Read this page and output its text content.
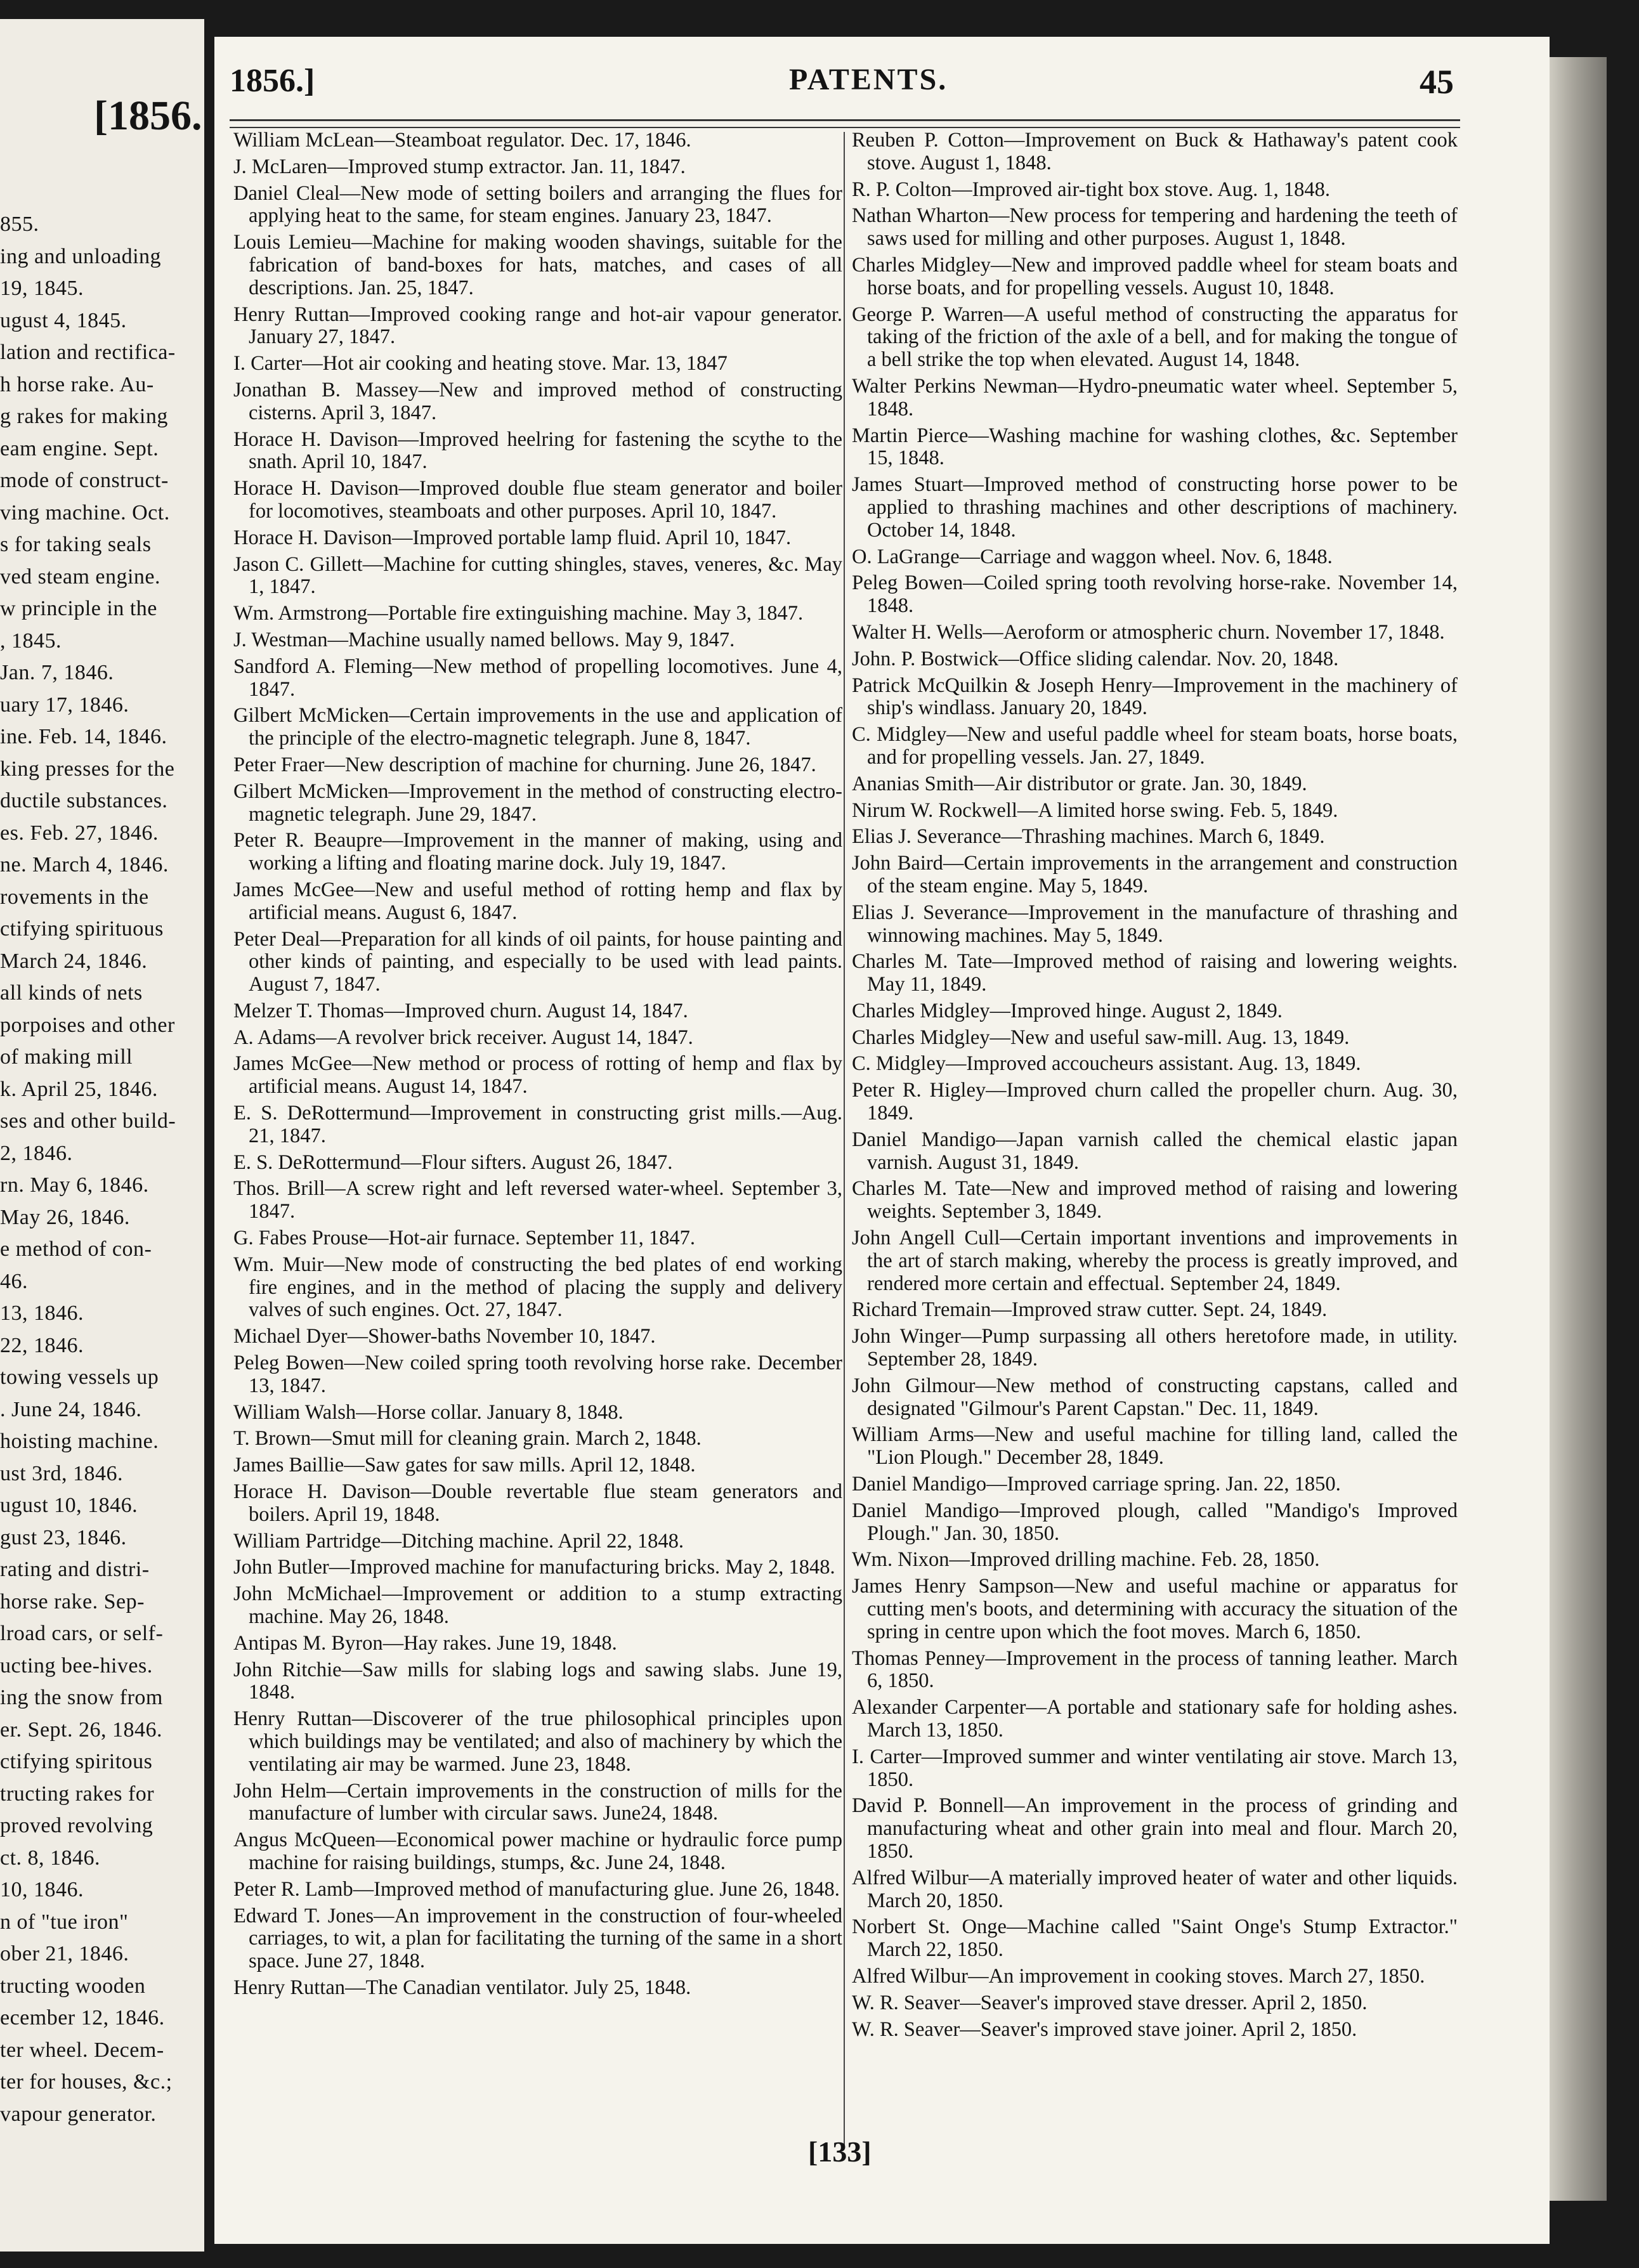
[1856.
855.
ing and unloading
19, 1845.
ugust 4, 1845.
lation and rectifica-
h horse rake. Au-
g rakes for making
eam engine. Sept.
mode of construct-
ving machine. Oct.
s for taking seals
ved steam engine.
w principle in the
, 1845.
Jan. 7, 1846.
uary 17, 1846.
ine. Feb. 14, 1846.
king presses for the
ductile substances.
es. Feb. 27, 1846.
ne. March 4, 1846.
rovements in the
ctifying spirituous
March 24, 1846.
all kinds of nets
porpoises and other
of making mill
k. April 25, 1846.
ses and other build-
2, 1846.
rn. May 6, 1846.
May 26, 1846.
e method of con-
46.
13, 1846.
22, 1846.
towing vessels up
. June 24, 1846.
hoisting machine.
ust 3rd, 1846.
ugust 10, 1846.
gust 23, 1846.
rating and distri-
horse rake. Sep-
lroad cars, or self-
ucting bee-hives.
ing the snow from
er. Sept. 26, 1846.
ctifying spiritous
tructing rakes for
proved revolving
ct. 8, 1846.
10, 1846.
n of "tue iron"
ober 21, 1846.
tructing wooden
ecember 12, 1846.
ter wheel. Decem-
ter for houses, &c.;
vapour generator.
1856.]	PATENTS.	45
William McLean—Steamboat regulator. Dec. 17, 1846.
J. McLaren—Improved stump extractor. Jan. 11, 1847.
Daniel Cleal—New mode of setting boilers and arranging the flues for applying heat to the same, for steam engines. January 23, 1847.
Louis Lemieu—Machine for making wooden shavings, suitable for the fabrication of band-boxes for hats, matches, and cases of all descriptions. Jan. 25, 1847.
Henry Ruttan—Improved cooking range and hot-air vapour generator. January 27, 1847.
I. Carter—Hot air cooking and heating stove. Mar. 13, 1847
Jonathan B. Massey—New and improved method of constructing cisterns. April 3, 1847.
Horace H. Davison—Improved heelring for fastening the scythe to the snath. April 10, 1847.
Horace H. Davison—Improved double flue steam generator and boiler for locomotives, steamboats and other purposes. April 10, 1847.
Horace H. Davison—Improved portable lamp fluid. April 10, 1847.
Jason C. Gillett—Machine for cutting shingles, staves, veneres, &c. May 1, 1847.
Wm. Armstrong—Portable fire extinguishing machine. May 3, 1847.
J. Westman—Machine usually named bellows. May 9, 1847.
Sandford A. Fleming—New method of propelling locomotives. June 4, 1847.
Gilbert McMicken—Certain improvements in the use and application of the principle of the electro-magnetic telegraph. June 8, 1847.
Peter Fraer—New description of machine for churning. June 26, 1847.
Gilbert McMicken—Improvement in the method of constructing electro-magnetic telegraph. June 29, 1847.
Peter R. Beaupre—Improvement in the manner of making, using and working a lifting and floating marine dock. July 19, 1847.
James McGee—New and useful method of rotting hemp and flax by artificial means. August 6, 1847.
Peter Deal—Preparation for all kinds of oil paints, for house painting and other kinds of painting, and especially to be used with lead paints. August 7, 1847.
Melzer T. Thomas—Improved churn. August 14, 1847.
A. Adams—A revolver brick receiver. August 14, 1847.
James McGee—New method or process of rotting of hemp and flax by artificial means. August 14, 1847.
E. S. DeRottermund—Improvement in constructing grist mills.—Aug. 21, 1847.
E. S. DeRottermund—Flour sifters. August 26, 1847.
Thos. Brill—A screw right and left reversed water-wheel. September 3, 1847.
G. Fabes Prouse—Hot-air furnace. September 11, 1847.
Wm. Muir—New mode of constructing the bed plates of end working fire engines, and in the method of placing the supply and delivery valves of such engines. Oct. 27, 1847.
Michael Dyer—Shower-baths November 10, 1847.
Peleg Bowen—New coiled spring tooth revolving horse rake. December 13, 1847.
William Walsh—Horse collar. January 8, 1848.
T. Brown—Smut mill for cleaning grain. March 2, 1848.
James Baillie—Saw gates for saw mills. April 12, 1848.
Horace H. Davison—Double revertable flue steam generators and boilers. April 19, 1848.
William Partridge—Ditching machine. April 22, 1848.
John Butler—Improved machine for manufacturing bricks. May 2, 1848.
John McMichael—Improvement or addition to a stump extracting machine. May 26, 1848.
Antipas M. Byron—Hay rakes. June 19, 1848.
John Ritchie—Saw mills for slabing logs and sawing slabs. June 19, 1848.
Henry Ruttan—Discoverer of the true philosophical principles upon which buildings may be ventilated; and also of machinery by which the ventilating air may be warmed. June 23, 1848.
John Helm—Certain improvements in the construction of mills for the manufacture of lumber with circular saws. June24, 1848.
Angus McQueen—Economical power machine or hydraulic force pump machine for raising buildings, stumps, &c. June 24, 1848.
Peter R. Lamb—Improved method of manufacturing glue. June 26, 1848.
Edward T. Jones—An improvement in the construction of four-wheeled carriages, to wit, a plan for facilitating the turning of the same in a short space. June 27, 1848.
Henry Ruttan—The Canadian ventilator. July 25, 1848.
Reuben P. Cotton—Improvement on Buck & Hathaway's patent cook stove. August 1, 1848.
R. P. Colton—Improved air-tight box stove. Aug. 1, 1848.
Nathan Wharton—New process for tempering and hardening the teeth of saws used for milling and other purposes. August 1, 1848.
Charles Midgley—New and improved paddle wheel for steam boats and horse boats, and for propelling vessels. August 10, 1848.
George P. Warren—A useful method of constructing the apparatus for taking of the friction of the axle of a bell, and for making the tongue of a bell strike the top when elevated. August 14, 1848.
Walter Perkins Newman—Hydro-pneumatic water wheel. September 5, 1848.
Martin Pierce—Washing machine for washing clothes, &c. September 15, 1848.
James Stuart—Improved method of constructing horse power to be applied to thrashing machines and other descriptions of machinery. October 14, 1848.
O. LaGrange—Carriage and waggon wheel. Nov. 6, 1848.
Peleg Bowen—Coiled spring tooth revolving horse-rake. November 14, 1848.
Walter H. Wells—Aeroform or atmospheric churn. November 17, 1848.
John. P. Bostwick—Office sliding calendar. Nov. 20, 1848.
Patrick McQuilkin & Joseph Henry—Improvement in the machinery of ship's windlass. January 20, 1849.
C. Midgley—New and useful paddle wheel for steam boats, horse boats, and for propelling vessels. Jan. 27, 1849.
Ananias Smith—Air distributor or grate. Jan. 30, 1849.
Nirum W. Rockwell—A limited horse swing. Feb. 5, 1849.
Elias J. Severance—Thrashing machines. March 6, 1849.
John Baird—Certain improvements in the arrangement and construction of the steam engine. May 5, 1849.
Elias J. Severance—Improvement in the manufacture of thrashing and winnowing machines. May 5, 1849.
Charles M. Tate—Improved method of raising and lowering weights. May 11, 1849.
Charles Midgley—Improved hinge. August 2, 1849.
Charles Midgley—New and useful saw-mill. Aug. 13, 1849.
C. Midgley—Improved accoucheurs assistant. Aug. 13, 1849.
Peter R. Higley—Improved churn called the propeller churn. Aug. 30, 1849.
Daniel Mandigo—Japan varnish called the chemical elastic japan varnish. August 31, 1849.
Charles M. Tate—New and improved method of raising and lowering weights. September 3, 1849.
John Angell Cull—Certain important inventions and improvements in the art of starch making, whereby the process is greatly improved, and rendered more certain and effectual. September 24, 1849.
Richard Tremain—Improved straw cutter. Sept. 24, 1849.
John Winger—Pump surpassing all others heretofore made, in utility. September 28, 1849.
John Gilmour—New method of constructing capstans, called and designated "Gilmour's Parent Capstan." Dec. 11, 1849.
William Arms—New and useful machine for tilling land, called the "Lion Plough." December 28, 1849.
Daniel Mandigo—Improved carriage spring. Jan. 22, 1850.
Daniel Mandigo—Improved plough, called "Mandigo's Improved Plough." Jan. 30, 1850.
Wm. Nixon—Improved drilling machine. Feb. 28, 1850.
James Henry Sampson—New and useful machine or apparatus for cutting men's boots, and determining with accuracy the situation of the spring in centre upon which the foot moves. March 6, 1850.
Thomas Penney—Improvement in the process of tanning leather. March 6, 1850.
Alexander Carpenter—A portable and stationary safe for holding ashes. March 13, 1850.
I. Carter—Improved summer and winter ventilating air stove. March 13, 1850.
David P. Bonnell—An improvement in the process of grinding and manufacturing wheat and other grain into meal and flour. March 20, 1850.
Alfred Wilbur—A materially improved heater of water and other liquids. March 20, 1850.
Norbert St. Onge—Machine called "Saint Onge's Stump Extractor." March 22, 1850.
Alfred Wilbur—An improvement in cooking stoves. March 27, 1850.
W. R. Seaver—Seaver's improved stave dresser. April 2, 1850.
W. R. Seaver—Seaver's improved stave joiner. April 2, 1850.
[133]
